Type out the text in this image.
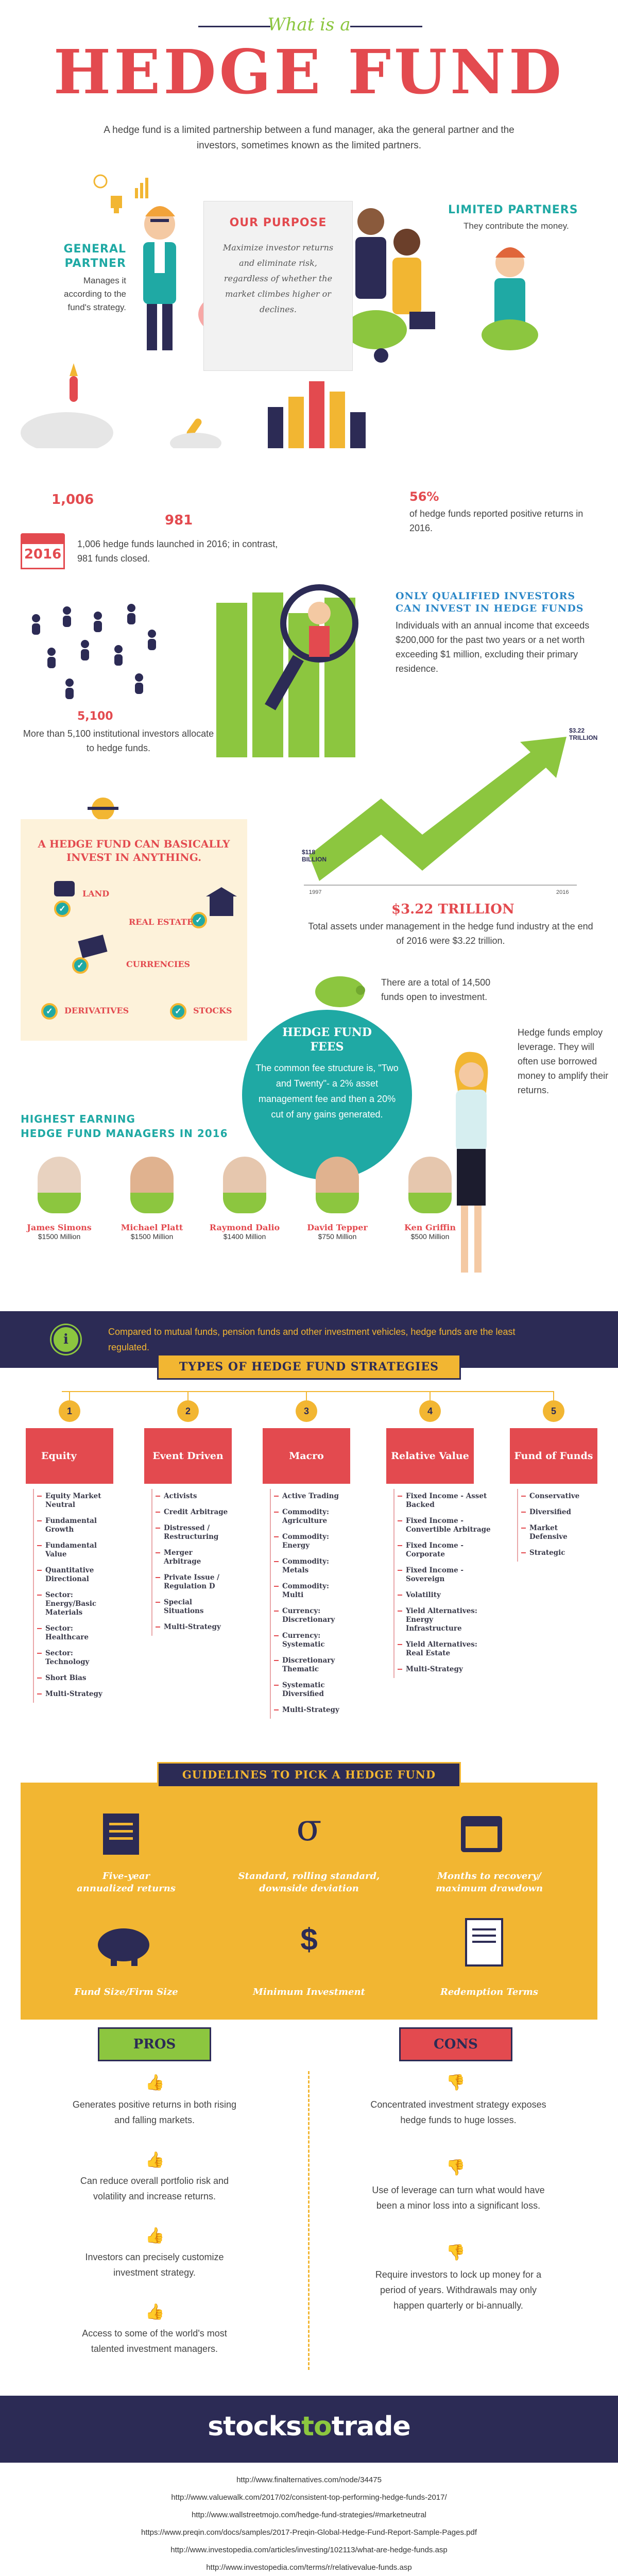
What is a
HEDGE FUND
A hedge fund is a limited partnership between a fund manager, aka the general partner and the investors, sometimes known as the limited partners.
GENERAL
PARTNER
Manages it according to the fund's strategy.
OUR PURPOSE
Maximize investor returns and eliminate risk, regardless of whether the market climbes higher or declines.
LIMITED PARTNERS
They contribute the money.
1,006
981
2016
1,006 hedge funds launched in 2016; in contrast, 981 funds closed.
56%
of hedge funds reported positive returns in 2016.
5,100
More than 5,100 institutional investors allocate to hedge funds.
ONLY QUALIFIED INVESTORS
CAN INVEST IN HEDGE FUNDS
Individuals with an annual income that exceeds $200,000 for the past two years or a net worth exceeding $1 million, excluding their primary residence.
A HEDGE FUND CAN BASICALLY
INVEST IN ANYTHING.
✓
LAND
✓
REAL ESTATE
✓	CURRENCIES
✓	DERIVATIVES	✓	STOCKS
$118 BILLION
$3.22 TRILLION
1997	2016
$3.22 TRILLION
Total assets under management in the hedge fund industry at the end of 2016 were $3.22 trillion.
There are a total of 14,500 funds open to investment.
HEDGE FUND
FEES
The common fee structure is, "Two and Twenty"- a 2% asset management fee and then a 20% cut of any gains generated.
Hedge funds employ leverage. They will often use borrowed money to amplify their returns.
HIGHEST EARNING
HEDGE FUND MANAGERS IN 2016
James Simons
$1500 Million
Michael Platt
$1500 Million
Raymond Dalio
$1400 Million
David Tepper
$750 Million
Ken Griffin
$500 Million
i	Compared to mutual funds, pension funds and other investment vehicles, hedge funds are the least regulated.
TYPES OF HEDGE FUND STRATEGIES
1
Equity
Equity Market Neutral
Fundamental Growth
Fundamental Value
Quantitative Directional
Sector: Energy/Basic Materials
Sector: Healthcare
Sector: Technology
Short Bias
Multi-Strategy
2
Event Driven
Activists
Credit Arbitrage
Distressed / Restructuring
Merger Arbitrage
Private Issue / Regulation D
Special Situations
Multi-Strategy
3
Macro
Active Trading
Commodity: Agriculture
Commodity: Energy
Commodity: Metals
Commodity: Multi
Currency: Discretionary
Currency: Systematic
Discretionary Thematic
Systematic Diversified
Multi-Strategy
4
Relative Value
Fixed Income - Asset Backed
Fixed Income - Convertible Arbitrage
Fixed Income - Corporate
Fixed Income - Sovereign
Volatility
Yield Alternatives: Energy Infrastructure
Yield Alternatives: Real Estate
Multi-Strategy
5
Fund of Funds
Conservative
Diversified
Market Defensive
Strategic
GUIDELINES TO PICK A HEDGE FUND
σ
Five-year
annualized returns
Standard, rolling standard,
downside deviation
Months to recovery/
maximum drawdown
$
Fund Size/Firm Size	Minimum Investment	Redemption Terms
PROS	CONS
👍
Generates positive returns in both rising
and falling markets.
👍
Can reduce overall portfolio risk and
volatility and increase returns.
👍
Investors can precisely customize
investment strategy.
👍
Access to some of the world's most
talented investment managers.
👎
Concentrated investment strategy exposes
hedge funds to huge losses.
👎
Use of leverage can turn what would have
been a minor loss into a significant loss.
👎
Require investors to lock up money for a
period of years. Withdrawals may only
happen quarterly or bi-annually.
stockstotrade
http://www.finalternatives.com/node/34475
http://www.valuewalk.com/2017/02/consistent-top-performing-hedge-funds-2017/
http://www.wallstreetmojo.com/hedge-fund-strategies/#marketneutral
https://www.preqin.com/docs/samples/2017-Preqin-Global-Hedge-Fund-Report-Sample-Pages.pdf
http://www.investopedia.com/articles/investing/102113/what-are-hedge-funds.asp
http://www.investopedia.com/terms/r/relativevalue-funds.asp
